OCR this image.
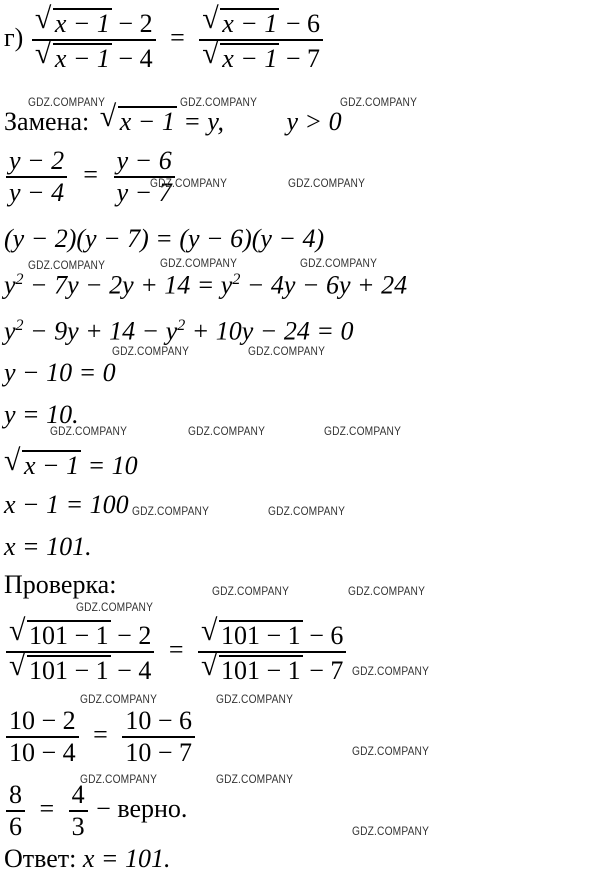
г) √ x − 1 − 2
√ x − 1 − 4 = √ x − 1 − 6
√ x − 1 − 7
Замена: √ x − 1 = y, y > 0
$\frac{y - 2}{y - 4} = \frac{y - 6}{y - 7}$
(y − 2)(y − 7) = (y − 6)(y − 4)
$y^2 - 7y - 2y + 14 = y^2 - 4y - 6y + 24$
$y^2 - 9y + 14 - y^2 + 10y - 24 = 0$
y − 10 = 0
y = 10.
√ x − 1 = 10
x − 1 = 100
x = 101.
Проверка:
√ 101 − 1 − 2
√ 101 − 1 − 4 = √ 101 − 1 − 6
√ 101 − 1 − 7
$\frac{10 - 2}{10 - 4} = \frac{10 - 6}{10 - 7}$
$\frac{8}{6} = \frac{4}{3}$ − верно.
Ответ: x = 101.
GDZ.COMPANY	GDZ.COMPANY	GDZ.COMPANY
GDZ.COMPANY	GDZ.COMPANY
GDZ.COMPANY	GDZ.COMPANY	GDZ.COMPANY
GDZ.COMPANY	GDZ.COMPANY
GDZ.COMPANY	GDZ.COMPANY	GDZ.COMPANY
GDZ.COMPANY	GDZ.COMPANY
GDZ.COMPANY	GDZ.COMPANY
GDZ.COMPANY
GDZ.COMPANY
GDZ.COMPANY	GDZ.COMPANY
GDZ.COMPANY
GDZ.COMPANY	GDZ.COMPANY
GDZ.COMPANY
